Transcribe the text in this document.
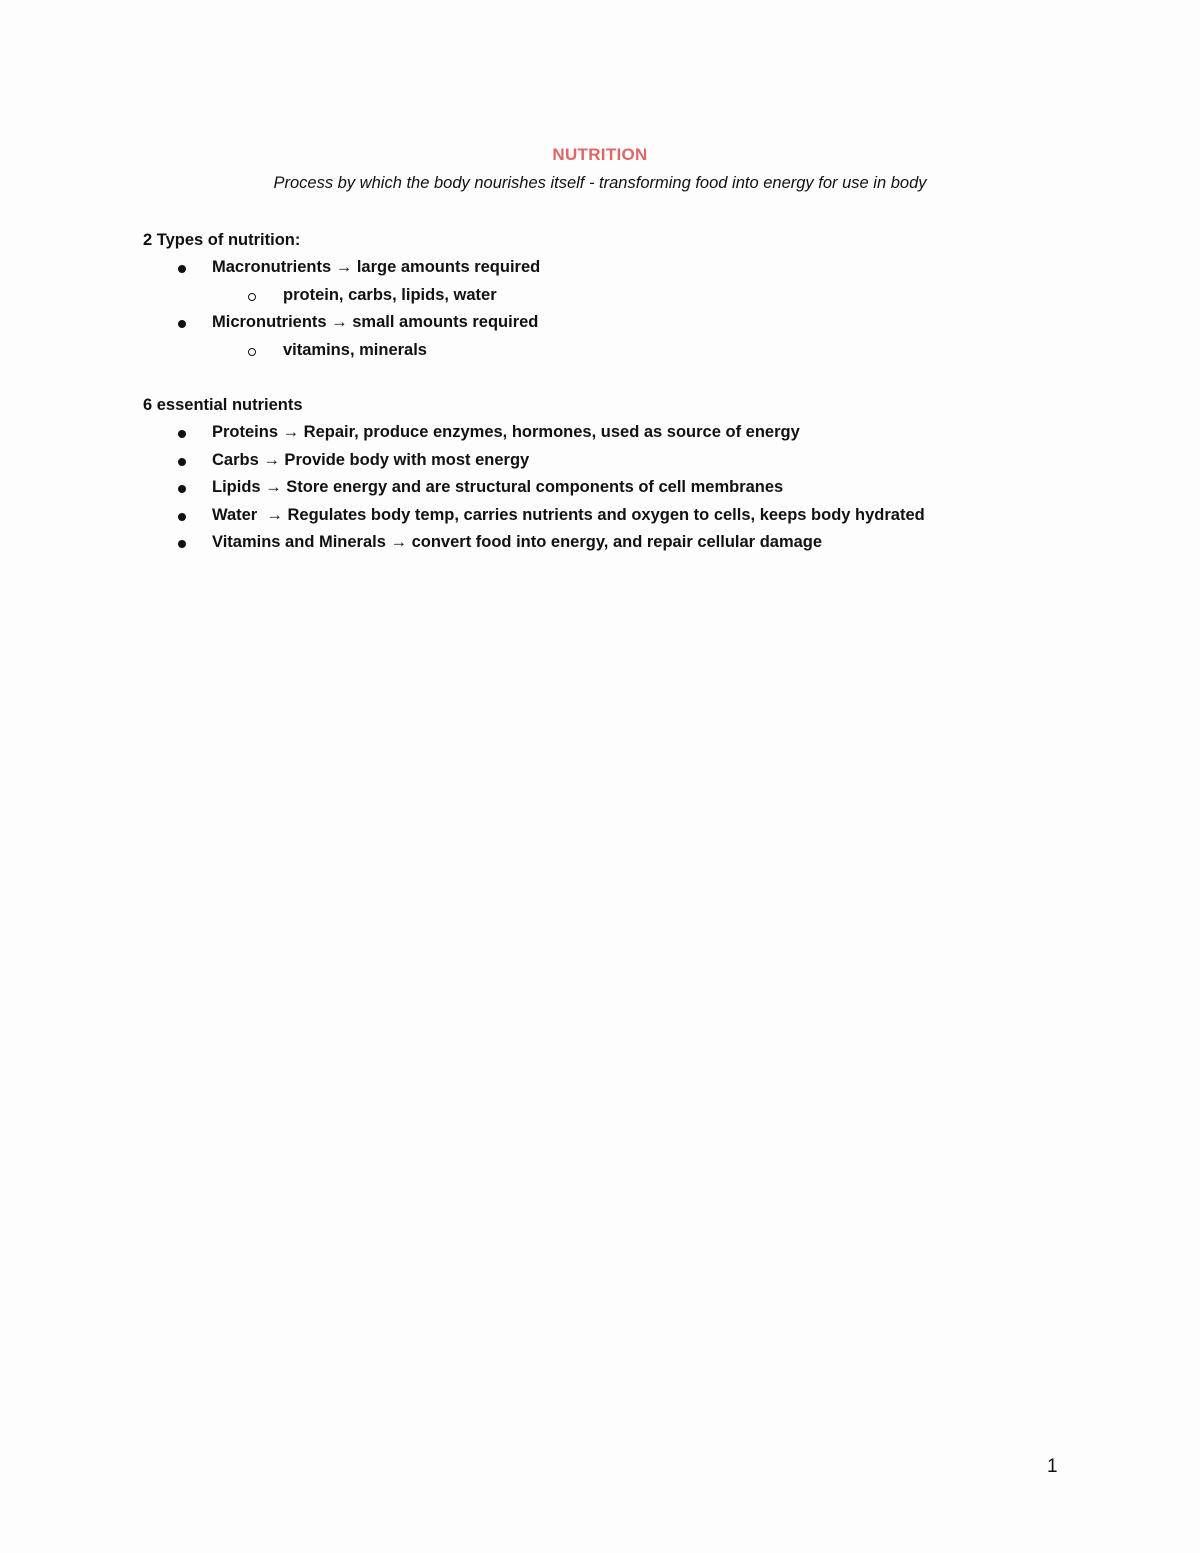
NUTRITION
Process by which the body nourishes itself - transforming food into energy for use in body
2 Types of nutrition:
Macronutrients → large amounts required
protein, carbs, lipids, water
Micronutrients → small amounts required
vitamins, minerals
6 essential nutrients
Proteins → Repair, produce enzymes, hormones, used as source of energy
Carbs → Provide body with most energy
Lipids → Store energy and are structural components of cell membranes
Water  → Regulates body temp, carries nutrients and oxygen to cells, keeps body hydrated
Vitamins and Minerals → convert food into energy, and repair cellular damage
1
